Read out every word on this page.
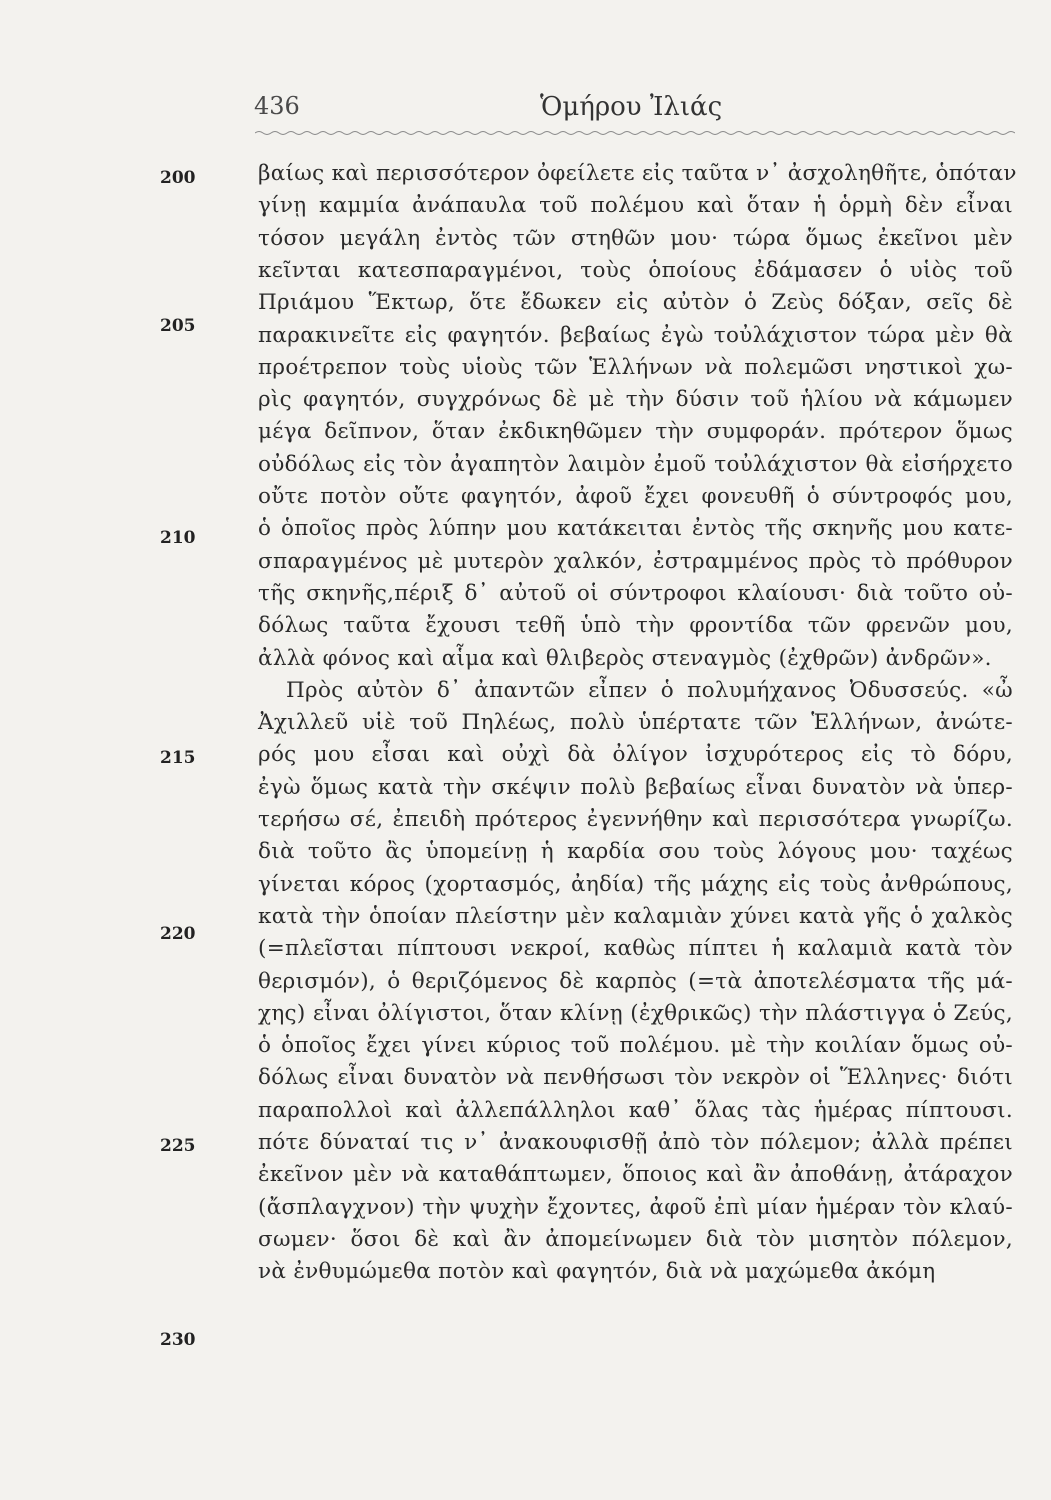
436	Ὁμήρου Ἰλιάς
200
205
210
215
220
225
230
βαίως καὶ περισσότερον ὀφείλετε εἰς ταῦτα ν᾿ ἀσχοληθῆτε, ὁπόταν
γίνῃ καμμία ἀνάπαυλα τοῦ πολέμου καὶ ὅταν ἡ ὁρμὴ δὲν εἶναι
τόσον μεγάλη ἐντὸς τῶν στηθῶν μου· τώρα ὅμως ἐκεῖνοι μὲν
κεῖνται κατεσπαραγμένοι, τοὺς ὁποίους ἐδάμασεν ὁ υἱὸς τοῦ
Πριάμου Ἕκτωρ, ὅτε ἔδωκεν εἰς αὐτὸν ὁ Ζεὺς δόξαν, σεῖς δὲ
παρακινεῖτε εἰς φαγητόν. βεβαίως ἐγὼ τοὐλάχιστον τώρα μὲν θὰ
προέτρεπον τοὺς υἱοὺς τῶν Ἑλλήνων νὰ πολεμῶσι νηστικοὶ χω-
ρὶς φαγητόν, συγχρόνως δὲ μὲ τὴν δύσιν τοῦ ἡλίου νὰ κάμωμεν
μέγα δεῖπνον, ὅταν ἐκδικηθῶμεν τὴν συμφοράν. πρότερον ὅμως
οὐδόλως εἰς τὸν ἀγαπητὸν λαιμὸν ἐμοῦ τοὐλάχιστον θὰ εἰσήρχετο
οὔτε ποτὸν οὔτε φαγητόν, ἀφοῦ ἔχει φονευθῆ ὁ σύντροφός μου,
ὁ ὁποῖος πρὸς λύπην μου κατάκειται ἐντὸς τῆς σκηνῆς μου κατε-
σπαραγμένος μὲ μυτερὸν χαλκόν, ἐστραμμένος πρὸς τὸ πρόθυρον
τῆς σκηνῆς,πέριξ δ᾿ αὐτοῦ οἱ σύντροφοι κλαίουσι· διὰ τοῦτο οὐ-
δόλως ταῦτα ἔχουσι τεθῆ ὑπὸ τὴν φροντίδα τῶν φρενῶν μου,
ἀλλὰ φόνος καὶ αἷμα καὶ θλιβερὸς στεναγμὸς (ἐχθρῶν) ἀνδρῶν».
Πρὸς αὐτὸν δ᾿ ἀπαντῶν εἶπεν ὁ πολυμήχανος Ὀδυσσεύς. «ὦ
Ἀχιλλεῦ υἱὲ τοῦ Πηλέως, πολὺ ὑπέρτατε τῶν Ἑλλήνων, ἀνώτε-
ρός μου εἶσαι καὶ οὐχὶ δὰ ὀλίγον ἰσχυρότερος εἰς τὸ δόρυ,
ἐγὼ ὅμως κατὰ τὴν σκέψιν πολὺ βεβαίως εἶναι δυνατὸν νὰ ὑπερ-
τερήσω σέ, ἐπειδὴ πρότερος ἐγεννήθην καὶ περισσότερα γνωρίζω.
διὰ τοῦτο ἂς ὑπομείνῃ ἡ καρδία σου τοὺς λόγους μου· ταχέως
γίνεται κόρος (χορτασμός, ἀηδία) τῆς μάχης εἰς τοὺς ἀνθρώπους,
κατὰ τὴν ὁποίαν πλείστην μὲν καλαμιὰν χύνει κατὰ γῆς ὁ χαλκὸς
(=πλεῖσται πίπτουσι νεκροί, καθὼς πίπτει ἡ καλαμιὰ κατὰ τὸν
θερισμόν), ὁ θεριζόμενος δὲ καρπὸς (=τὰ ἀποτελέσματα τῆς μά-
χης) εἶναι ὀλίγιστοι, ὅταν κλίνῃ (ἐχθρικῶς) τὴν πλάστιγγα ὁ Ζεύς,
ὁ ὁποῖος ἔχει γίνει κύριος τοῦ πολέμου. μὲ τὴν κοιλίαν ὅμως οὐ-
δόλως εἶναι δυνατὸν νὰ πενθήσωσι τὸν νεκρὸν οἱ Ἕλληνες· διότι
παραπολλοὶ καὶ ἀλλεπάλληλοι καθ᾿ ὅλας τὰς ἡμέρας πίπτουσι.
πότε δύναταί τις ν᾿ ἀνακουφισθῇ ἀπὸ τὸν πόλεμον; ἀλλὰ πρέπει
ἐκεῖνον μὲν νὰ καταθάπτωμεν, ὅποιος καὶ ἂν ἀποθάνῃ, ἀτάραχον
(ἄσπλαγχνον) τὴν ψυχὴν ἔχοντες, ἀφοῦ ἐπὶ μίαν ἡμέραν τὸν κλαύ-
σωμεν· ὅσοι δὲ καὶ ἂν ἀπομείνωμεν διὰ τὸν μισητὸν πόλεμον,
νὰ ἐνθυμώμεθα ποτὸν καὶ φαγητόν, διὰ νὰ μαχώμεθα ἀκόμη
